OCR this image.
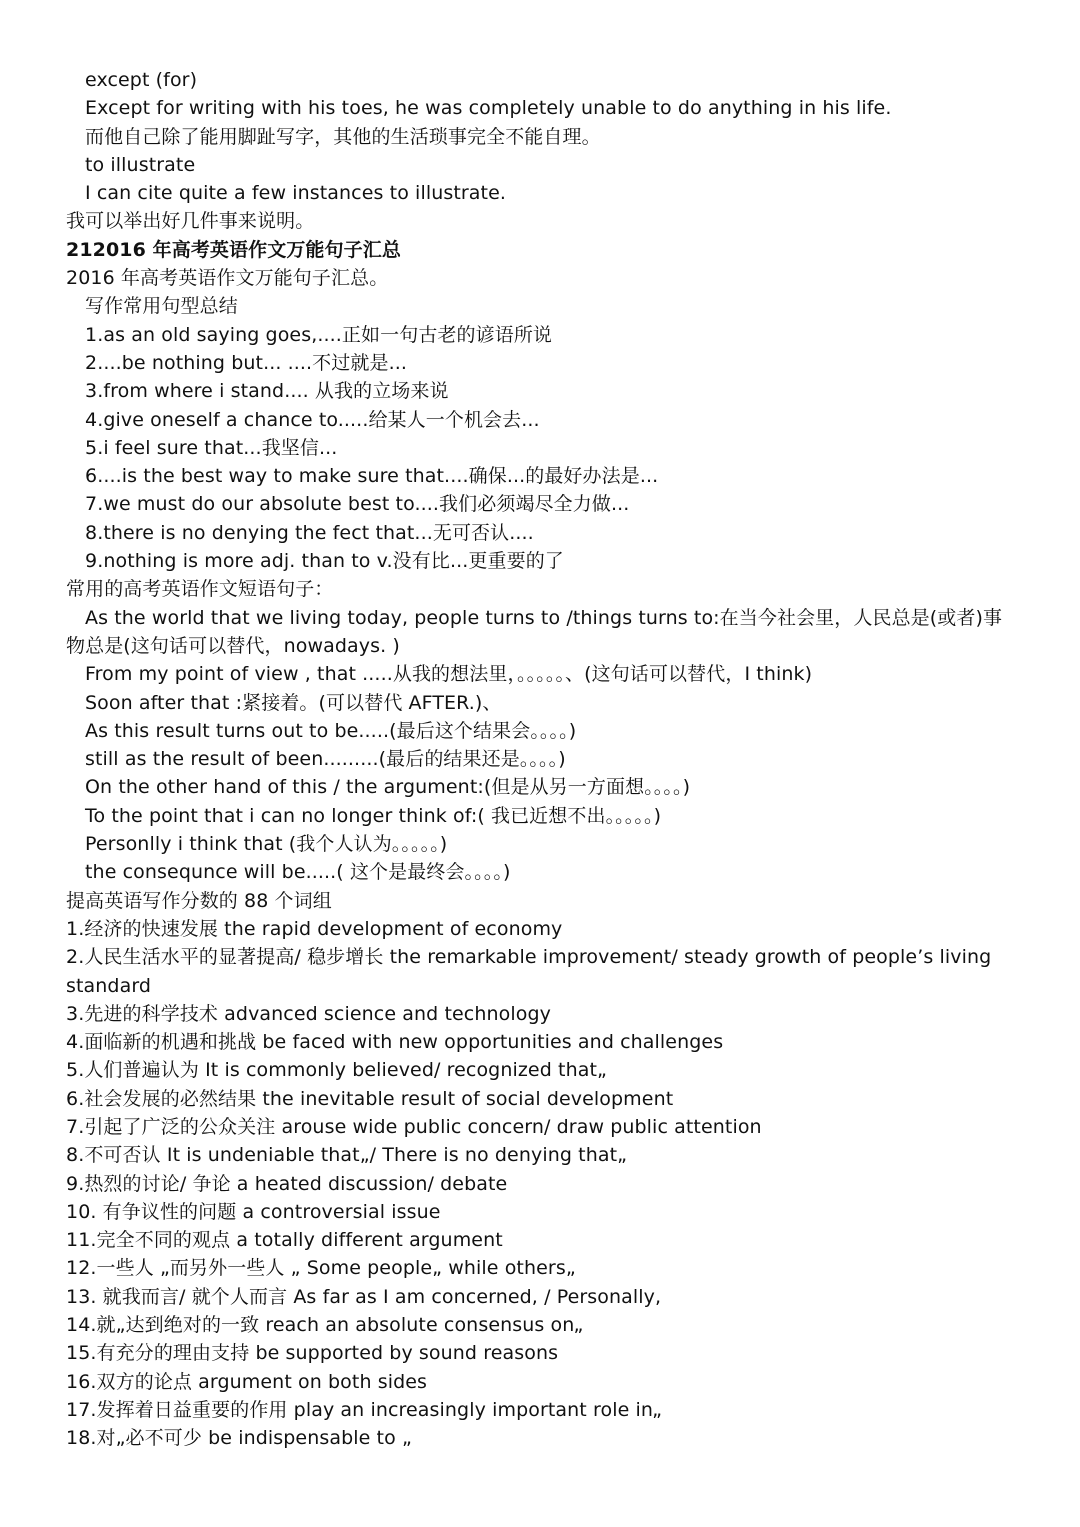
except (for)
Except for writing with his toes, he was completely unable to do anything in his life.
而他自己除了能用脚趾写字，其他的生活琐事完全不能自理。
to illustrate
I can cite quite a few instances to illustrate.
我可以举出好几件事来说明。
212016 年高考英语作文万能句子汇总
2016 年高考英语作文万能句子汇总。
写作常用句型总结
1.as an old saying goes,....正如一句古老的谚语所说
2....be nothing but... ....不过就是...
3.from where i stand.... 从我的立场来说
4.give oneself a chance to.....给某人一个机会去...
5.i feel sure that...我坚信...
6....is the best way to make sure that....确保...的最好办法是...
7.we must do our absolute best to....我们必须竭尽全力做...
8.there is no denying the fect that...无可否认....
9.nothing is more adj. than to v.没有比...更重要的了
常用的高考英语作文短语句子：
As the world that we living today, people turns to /things turns to:在当今社会里，人民总是(或者)事物总是(这句话可以替代，nowadays. )
From my point of view , that .....从我的想法里，。。。。。、(这句话可以替代，I think)
Soon after that :紧接着。(可以替代 AFTER.)、
As this result turns out to be.....(最后这个结果会。。。。)
still as the result of been.........(最后的结果还是。。。。)
On the other hand of this / the argument:(但是从另一方面想。。。。)
To the point that i can no longer think of:( 我已近想不出。。。。。)
Personlly i think that (我个人认为。。。。。)
the consequnce will be.....( 这个是最终会。。。。)
提高英语写作分数的 88 个词组
1.经济的快速发展 the rapid development of economy
2.人民生活水平的显著提高/ 稳步增长 the remarkable improvement/ steady growth of people’s living standard
3.先进的科学技术 advanced science and technology
4.面临新的机遇和挑战 be faced with new opportunities and challenges
5.人们普遍认为 It is commonly believed/ recognized that„
6.社会发展的必然结果 the inevitable result of social development
7.引起了广泛的公众关注 arouse wide public concern/ draw public attention
8.不可否认 It is undeniable that„/ There is no denying that„
9.热烈的讨论/ 争论 a heated discussion/ debate
10. 有争议性的问题 a controversial issue
11.完全不同的观点 a totally different argument
12.一些人 „而另外一些人 „ Some people„ while others„
13. 就我而言/ 就个人而言 As far as I am concerned, / Personally,
14.就„达到绝对的一致 reach an absolute consensus on„
15.有充分的理由支持 be supported by sound reasons
16.双方的论点 argument on both sides
17.发挥着日益重要的作用 play an increasingly important role in„
18.对„必不可少 be indispensable to „
